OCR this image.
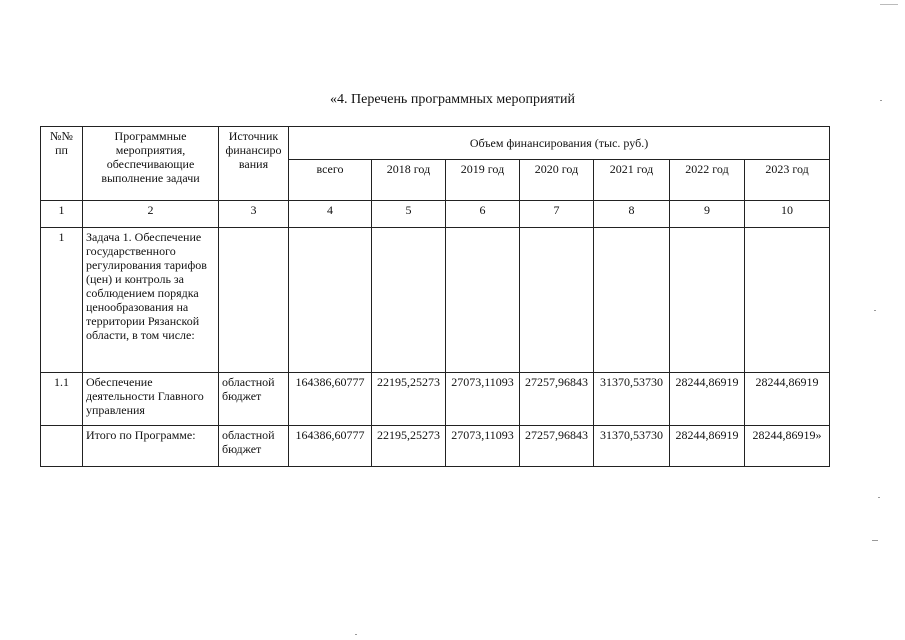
«4. Перечень программных мероприятий
№№ пп	Программные мероприятия, обеспечивающие выполнение задачи	Источник финансиро вания	Объем финансирования (тыс. руб.)						
			всего	2018 год	2019 год	2020 год	2021 год	2022 год	2023 год
1	2	3	4	5	6	7	8	9	10
1	Задача 1. Обеспечение государственного регулирования тарифов (цен) и контроль за соблюдением порядка ценообразования на территории Рязанской области, в том числе:								
1.1	Обеспечение деятельности Главного управления	областной бюджет	164386,60777	22195,25273	27073,11093	27257,96843	31370,53730	28244,86919	28244,86919
	Итого по Программе:	областной бюджет	164386,60777	22195,25273	27073,11093	27257,96843	31370,53730	28244,86919	28244,86919»
